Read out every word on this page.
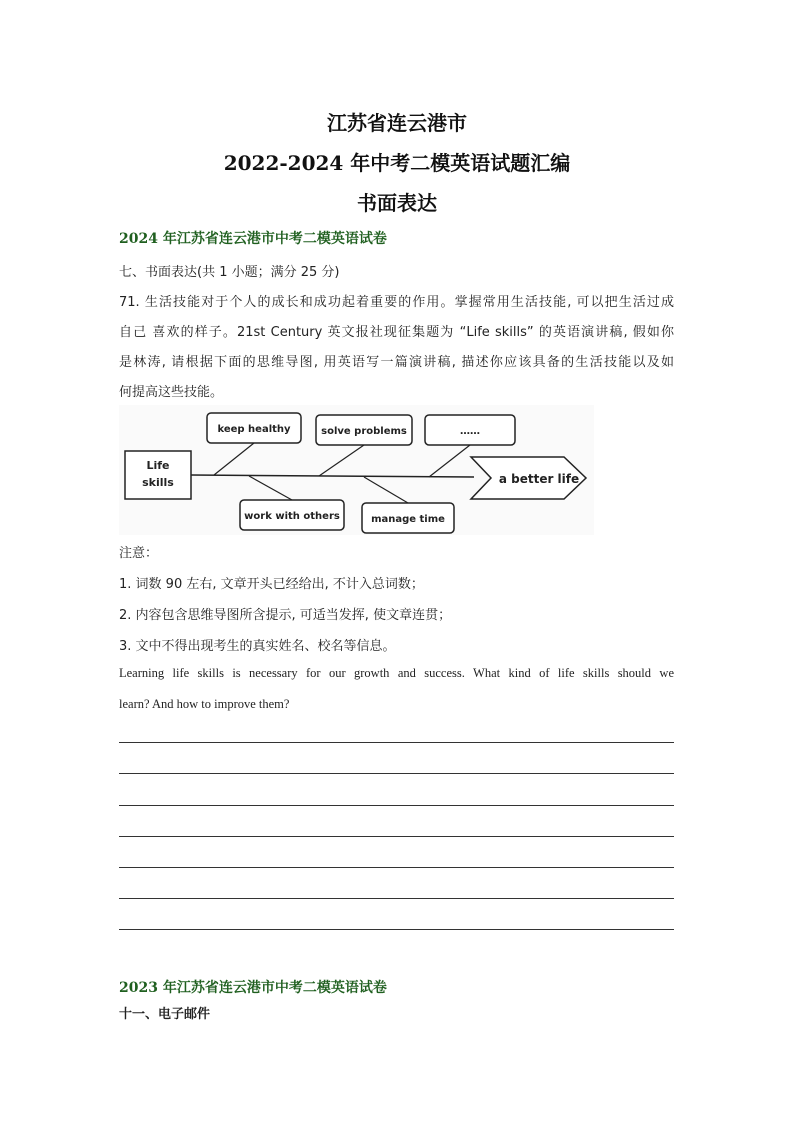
江苏省连云港市
2022-2024 年中考二模英语试题汇编
书面表达
2024 年江苏省连云港市中考二模英语试卷
七、书面表达(共 1 小题；满分 25 分)
71. 生活技能对于个人的成长和成功起着重要的作用。掌握常用生活技能, 可以把生活过成
自己 喜欢的样子。21st Century 英文报社现征集题为 “Life skills” 的英语演讲稿, 假如你
是林涛, 请根据下面的思维导图, 用英语写一篇演讲稿, 描述你应该具备的生活技能以及如
何提高这些技能。
Life
skills	a better life
keep healthy	solve problems	……
work with others	manage time
注意：
1. 词数 90 左右, 文章开头已经给出, 不计入总词数；
2. 内容包含思维导图所含提示, 可适当发挥, 使文章连贯；
3. 文中不得出现考生的真实姓名、校名等信息。
Learning life skills is necessary for our growth and success. What kind of life skills should we
learn? And how to improve them?
2023 年江苏省连云港市中考二模英语试卷
十一、电子邮件
